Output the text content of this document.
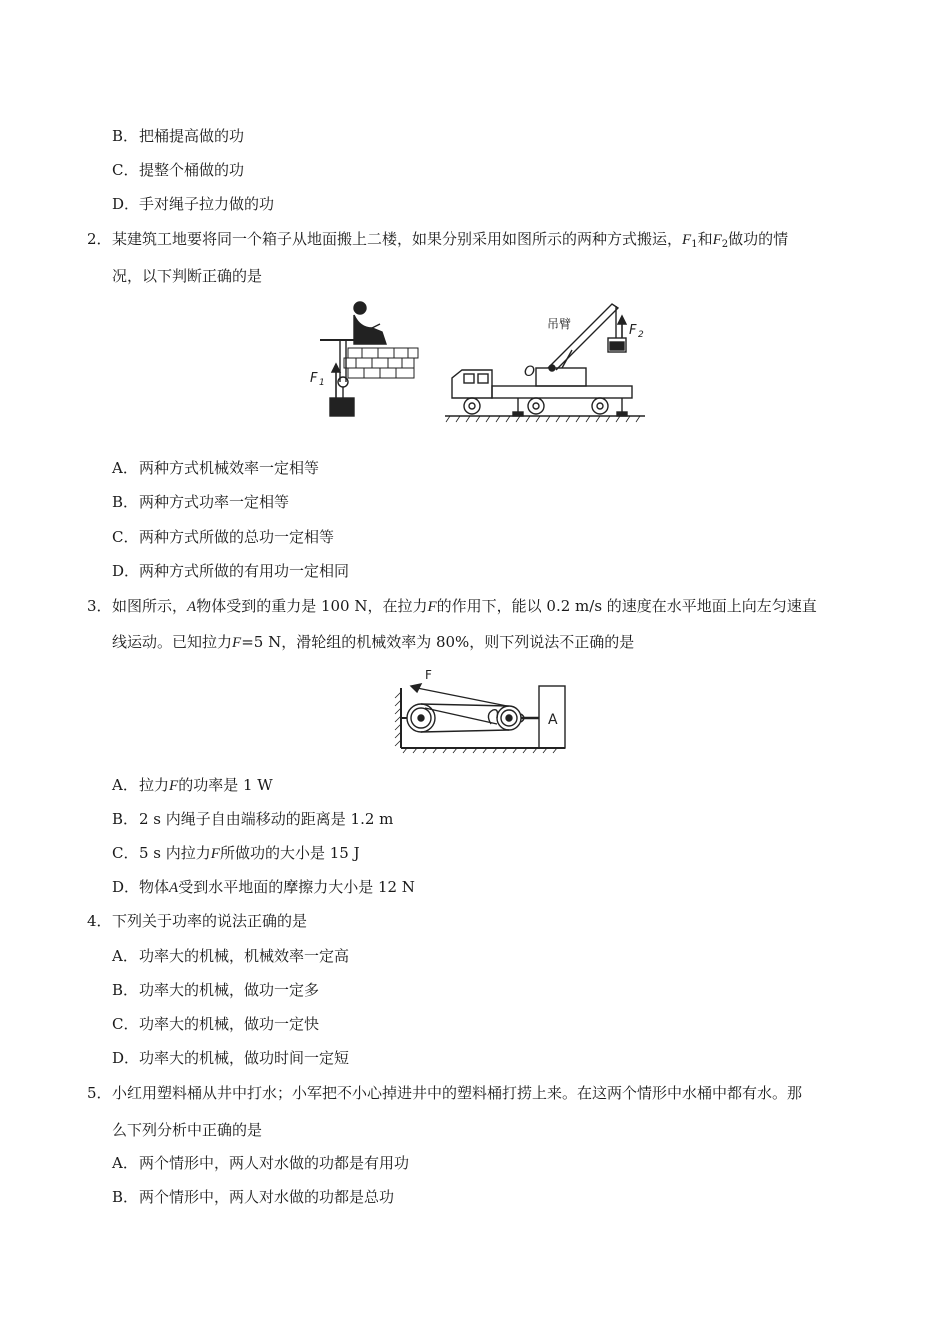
B．把桶提高做的功
C．提整个桶做的功
D．手对绳子拉力做的功
2．某建筑工地要将同一个箱子从地面搬上二楼，如果分别采用如图所示的两种方式搬运，$F_1$和$F_2$做功的情
况，以下判断正确的是
F 1
吊臂
O
F 2
A．两种方式机械效率一定相等
B．两种方式功率一定相等
C．两种方式所做的总功一定相等
D．两种方式所做的有用功一定相同
3．如图所示，A物体受到的重力是 100 N，在拉力F的作用下，能以 0.2 m/s 的速度在水平地面上向左匀速直
线运动。已知拉力F=5 N，滑轮组的机械效率为 80%，则下列说法不正确的是
F
A
A．拉力F的功率是 1 W
B．2 s 内绳子自由端移动的距离是 1.2 m
C．5 s 内拉力F所做功的大小是 15 J
D．物体A受到水平地面的摩擦力大小是 12 N
4．下列关于功率的说法正确的是
A．功率大的机械，机械效率一定高
B．功率大的机械，做功一定多
C．功率大的机械，做功一定快
D．功率大的机械，做功时间一定短
5．小红用塑料桶从井中打水；小军把不小心掉进井中的塑料桶打捞上来。在这两个情形中水桶中都有水。那
么下列分析中正确的是
A．两个情形中，两人对水做的功都是有用功
B．两个情形中，两人对水做的功都是总功
